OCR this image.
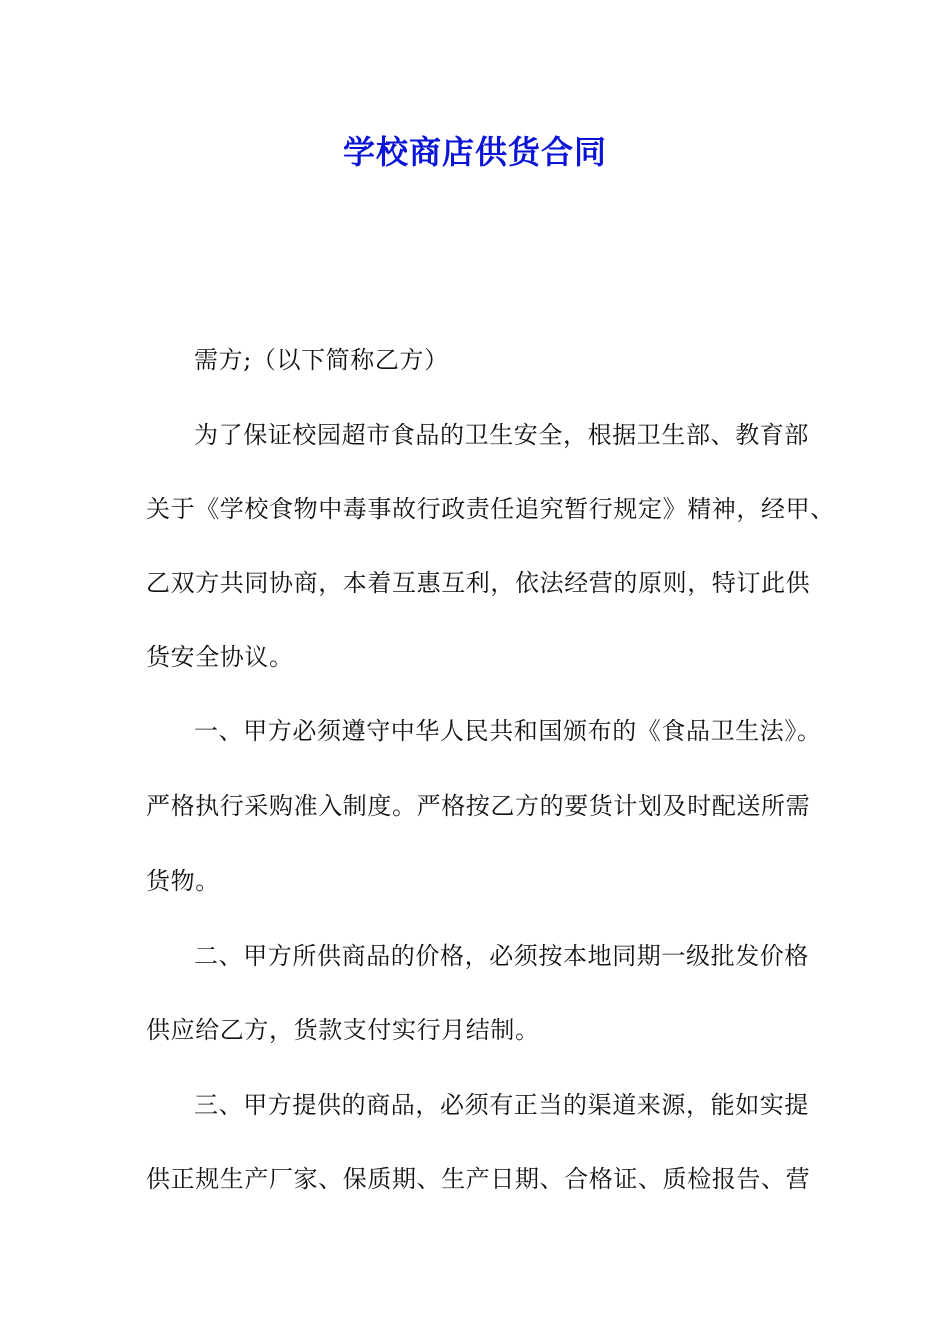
学校商店供货合同
需方;（以下简称乙方）
为了保证校园超市食品的卫生安全，根据卫生部、教育部
关于《学校食物中毒事故行政责任追究暂行规定》精神，经甲、
乙双方共同协商，本着互惠互利，依法经营的原则，特订此供
货安全协议。
一、甲方必须遵守中华人民共和国颁布的《食品卫生法》。
严格执行采购准入制度。严格按乙方的要货计划及时配送所需
货物。
二、甲方所供商品的价格，必须按本地同期一级批发价格
供应给乙方，货款支付实行月结制。
三、甲方提供的商品，必须有正当的渠道来源，能如实提
供正规生产厂家、保质期、生产日期、合格证、质检报告、营
